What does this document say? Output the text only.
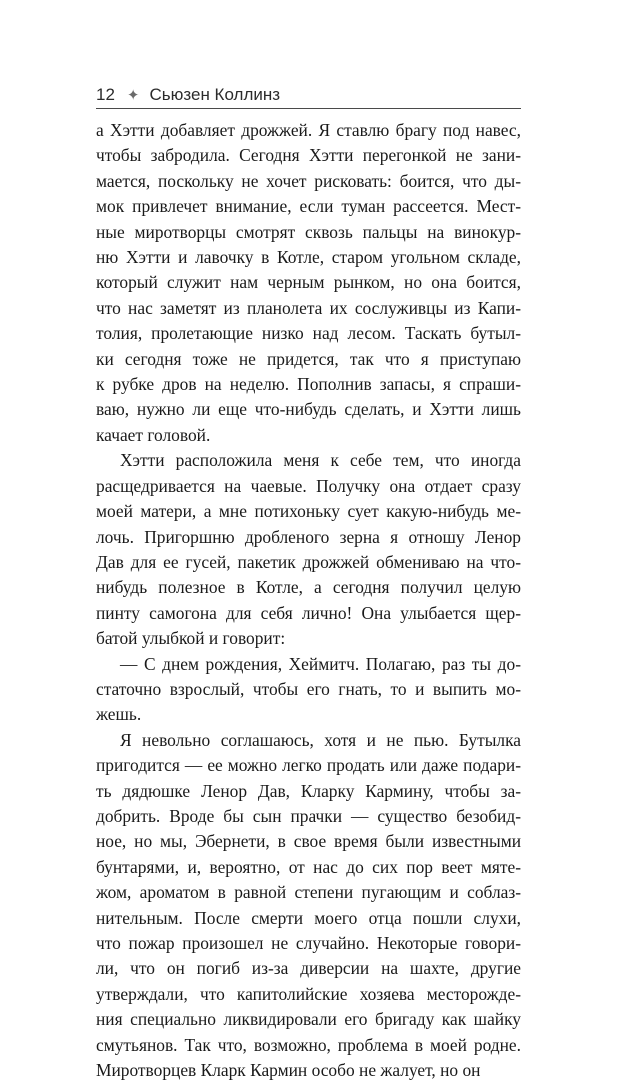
12 ✦ Сьюзен Коллинз
а Хэтти добавляет дрожжей. Я ставлю брагу под навес,
чтобы забродила. Сегодня Хэтти перегонкой не зани-
мается, поскольку не хочет рисковать: боится, что ды-
мок привлечет внимание, если туман рассеется. Мест-
ные миротворцы смотрят сквозь пальцы на винокур-
ню Хэтти и лавочку в Котле, старом угольном складе,
который служит нам черным рынком, но она боится,
что нас заметят из планолета их сослуживцы из Капи-
толия, пролетающие низко над лесом. Таскать бутыл-
ки сегодня тоже не придется, так что я приступаю
к рубке дров на неделю. Пополнив запасы, я спраши-
ваю, нужно ли еще что-нибудь сделать, и Хэтти лишь
качает головой.
Хэтти расположила меня к себе тем, что иногда
расщедривается на чаевые. Получку она отдает сразу
моей матери, а мне потихоньку сует какую-нибудь ме-
лочь. Пригоршню дробленого зерна я отношу Ленор
Дав для ее гусей, пакетик дрожжей обмениваю на что-
нибудь полезное в Котле, а сегодня получил целую
пинту самогона для себя лично! Она улыбается щер-
батой улыбкой и говорит:
— С днем рождения, Хеймитч. Полагаю, раз ты до-
статочно взрослый, чтобы его гнать, то и выпить мо-
жешь.
Я невольно соглашаюсь, хотя и не пью. Бутылка
пригодится — ее можно легко продать или даже подари-
ть дядюшке Ленор Дав, Кларку Кармину, чтобы за-
добрить. Вроде бы сын прачки — существо безобид-
ное, но мы, Эбернети, в свое время были известными
бунтарями, и, вероятно, от нас до сих пор веет мяте-
жом, ароматом в равной степени пугающим и соблаз-
нительным. После смерти моего отца пошли слухи,
что пожар произошел не случайно. Некоторые говори-
ли, что он погиб из-за диверсии на шахте, другие
утверждали, что капитолийские хозяева месторожде-
ния специально ликвидировали его бригаду как шайку
смутьянов. Так что, возможно, проблема в моей родне.
Миротворцев Кларк Кармин особо не жалует, но он
